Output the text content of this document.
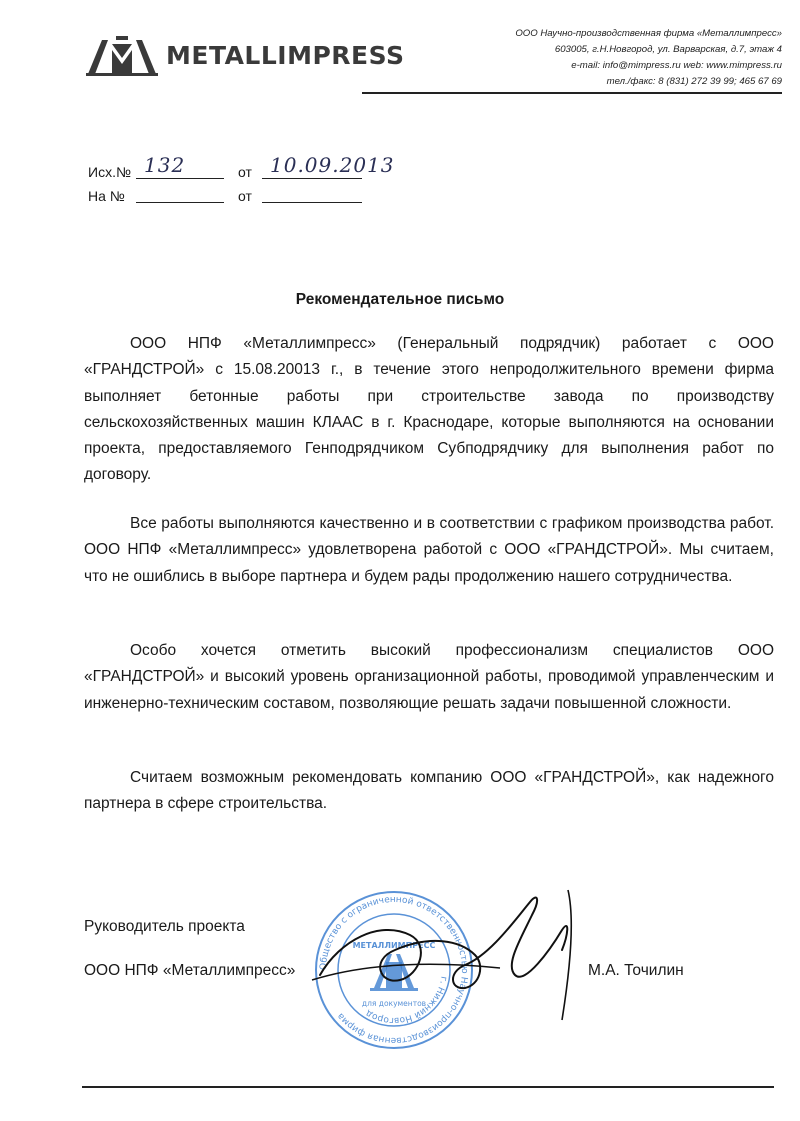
METALLIMPRESS
ООО Научно-производственная фирма «Металлимпресс»
603005, г.Н.Новгород, ул. Варварская, д.7, этаж 4
e-mail: info@mimpress.ru web: www.mimpress.ru
тел./факс: 8 (831) 272 39 99; 465 67 69
Исх.№ 132	от 10.09.2013
На №	от
Рекомендательное письмо

ООО НПФ «Металлимпресс» (Генеральный подрядчик) работает с ООО «ГРАНДСТРОЙ» с 15.08.20013 г., в течение этого непродолжительного времени фирма выполняет бетонные работы при строительстве завода по производству сельскохозяйственных машин КЛААС в г. Краснодаре, которые выполняются на основании проекта, предоставляемого Генподрядчиком Субподрядчику для выполнения работ по договору.

Все работы выполняются качественно и в соответствии с графиком производства работ. ООО НПФ «Металлимпресс» удовлетворена работой с ООО «ГРАНДСТРОЙ». Мы считаем, что не ошиблись в выборе партнера и будем рады продолжению нашего сотрудничества.

Особо хочется отметить высокий профессионализм специалистов ООО «ГРАНДСТРОЙ» и высокий уровень организационной работы, проводимой управленческим и инженерно-техническим составом, позволяющие решать задачи повышенной сложности.

Считаем возможным рекомендовать компанию ООО «ГРАНДСТРОЙ», как надежного партнера в сфере строительства.

Руководитель проекта
ООО НПФ «Металлимпресс»	М.А. Точилин
Общество с ограниченной ответственностью Научно-производственная фирма
г. Нижний Новгород
МЕТАЛЛИМПРЕСС
для документов
